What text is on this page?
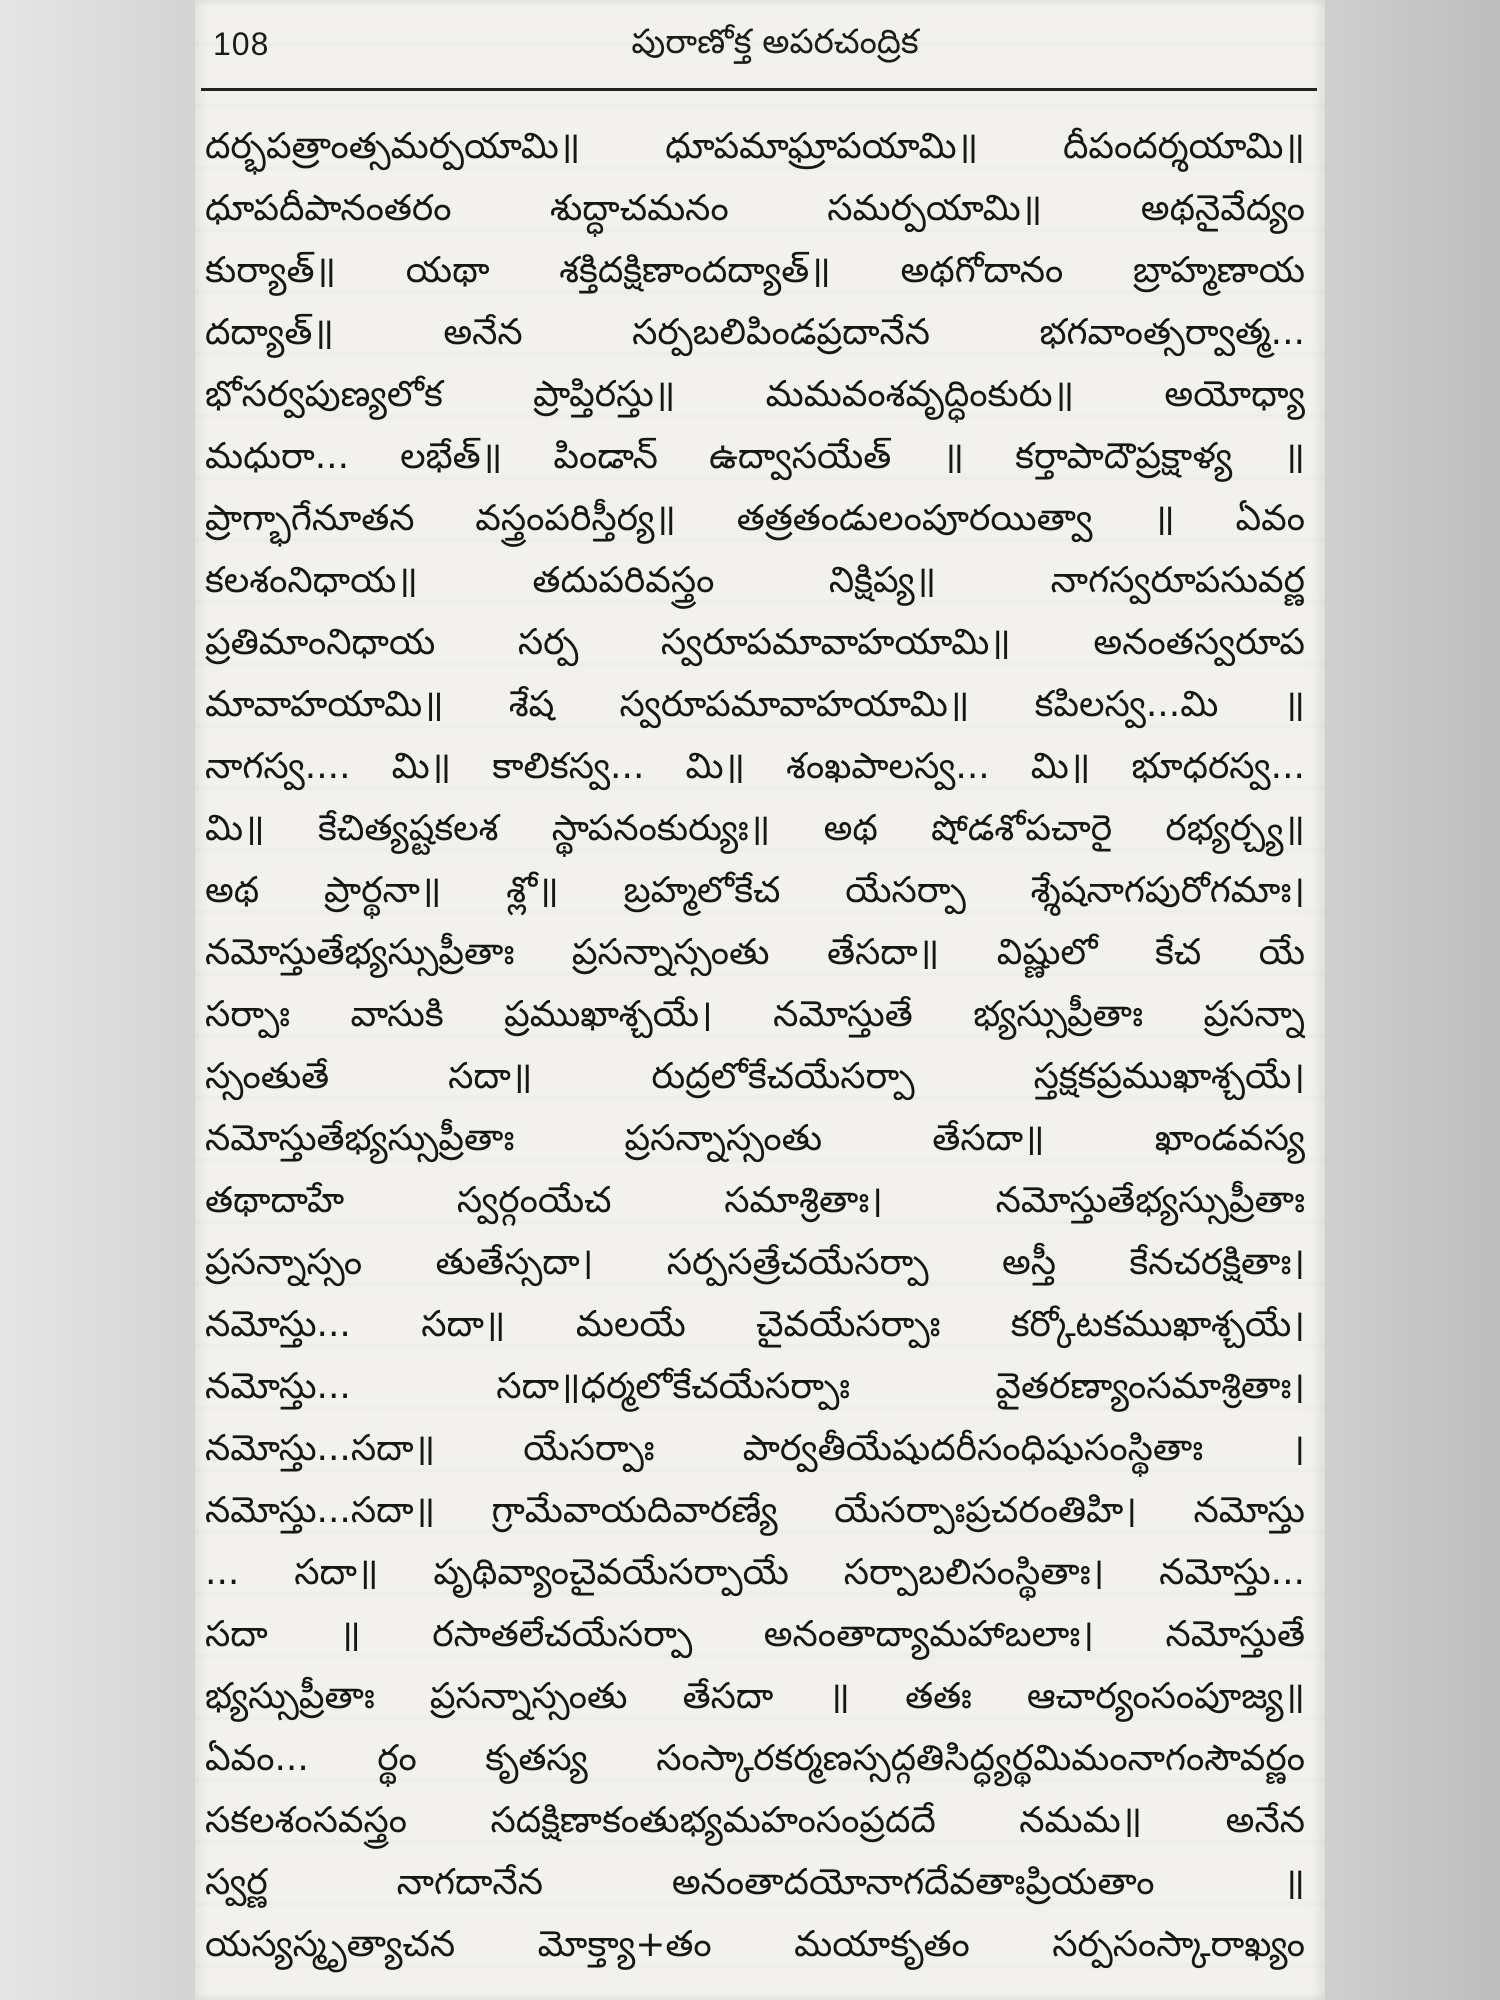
108	పురాణోక్త అపరచంద్రిక
దర్భపత్రాంత్సమర్పయామి॥ ధూపమాఘ్రాపయామి॥ దీపందర్శయామి॥
ధూపదీపానంతరం శుద్ధాచమనం సమర్పయామి॥ అథనైవేద్యం
కుర్యాత్॥ యథా శక్తిదక్షిణాందద్యాత్॥ అథగోదానం బ్రాహ్మణాయ
దద్యాత్॥ అనేన సర్పబలిపిండప్రదానేన భగవాంత్సర్వాత్మ...
భోసర్వపుణ్యలోక ప్రాప్తిరస్తు॥ మమవంశవృద్ధింకురు॥ అయోధ్యా
మధురా... లభేత్॥ పిండాన్ ఉద్వాసయేత్ ॥ కర్తాపాదౌప్రక్షాళ్య ॥
ప్రాగ్భాగేనూతన వస్త్రంపరిస్తీర్య॥ తత్రతండులంపూరయిత్వా ॥ ఏవం
కలశంనిధాయ॥ తదుపరివస్త్రం నిక్షిప్య॥ నాగస్వరూపసువర్ణ
ప్రతిమాంనిధాయ సర్ప స్వరూపమావాహయామి॥ అనంతస్వరూప
మావాహయామి॥ శేష స్వరూపమావాహయామి॥ కపిలస్వ...మి ॥
నాగస్వ.... మి॥ కాలికస్వ... మి॥ శంఖపాలస్వ... మి॥ భూధరస్వ...
మి॥ కేచిత్యష్టకలశ స్థాపనంకుర్యుః॥ అథ షోడశోపచారై రభ్యర్చ్య॥
అథ ప్రార్థనా॥ శ్లో॥ బ్రహ్మలోకేచ యేసర్పా శ్శేషనాగపురోగమాః।
నమోస్తుతేభ్యస్సుప్రీతాః ప్రసన్నాస్సంతు తేసదా॥ విష్ణులో కేచ యే
సర్పాః వాసుకి ప్రముఖాశ్చయే। నమోస్తుతే భ్యస్సుప్రీతాః ప్రసన్నా
స్సంతుతే సదా॥ రుద్రలోకేచయేసర్పా స్తక్షకప్రముఖాశ్చయే।
నమోస్తుతేభ్యస్సుప్రీతాః ప్రసన్నాస్సంతు తేసదా॥ ఖాండవస్య
తథాదాహే స్వర్గంయేచ సమాశ్రితాః। నమోస్తుతేభ్యస్సుప్రీతాః
ప్రసన్నాస్సం తుతేస్సదా। సర్పసత్రేచయేసర్పా అస్తీ కేనచరక్షితాః।
నమోస్తు... సదా॥ మలయే చైవయేసర్పాః కర్కోటకముఖాశ్చయే।
నమోస్తు... సదా॥ధర్మలోకేచయేసర్పాః వైతరణ్యాంసమాశ్రితాః।
నమోస్తు...సదా॥ యేసర్పాః పార్వతీయేషుదరీసంధిషుసంస్థితాః ।
నమోస్తు...సదా॥ గ్రామేవాయదివారణ్యే యేసర్పాఃప్రచరంతిహి। నమోస్తు
... సదా॥ పృథివ్యాంచైవయేసర్పాయే సర్పాబలిసంస్థితాః। నమోస్తు...
సదా ॥ రసాతలేచయేసర్పా అనంతాద్యామహాబలాః। నమోస్తుతే
భ్యస్సుప్రీతాః ప్రసన్నాస్సంతు తేసదా ॥ తతః ఆచార్యంసంపూజ్య॥
ఏవం... ర్థం కృతస్య సంస్కారకర్మణస్సద్గతిసిద్ధ్యర్థమిమంనాగంసౌవర్ణం
సకలశంసవస్త్రం సదక్షిణాకంతుభ్యమహంసంప్రదదే నమమ॥ అనేన
స్వర్ణ నాగదానేన అనంతాదయోనాగదేవతాఃప్రియతాం ॥
యస్యస్మృత్యాచన మోక్త్యా+తం మయాకృతం సర్పసంస్కారాఖ్యం
